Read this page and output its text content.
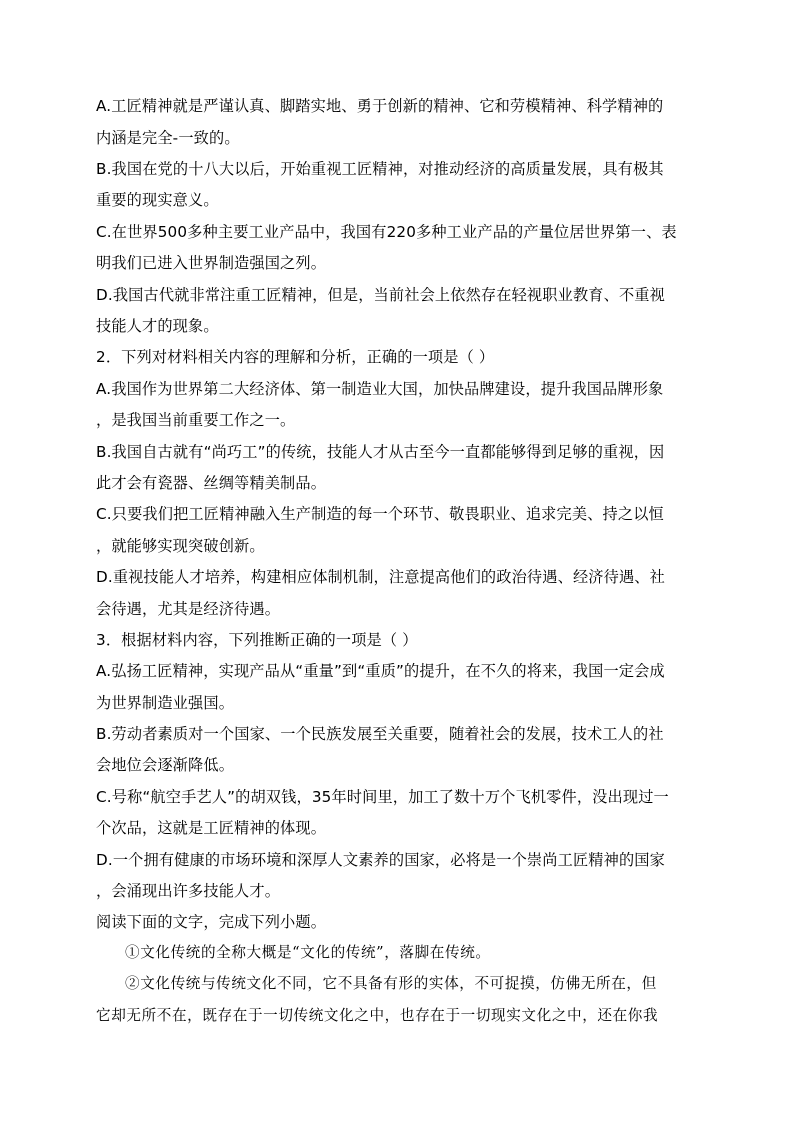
A.工匠精神就是严谨认真、脚踏实地、勇于创新的精神、它和劳模精神、科学精神的
内涵是完全-一致的。
B.我国在党的十八大以后，开始重视工匠精神，对推动经济的高质量发展，具有极其
重要的现实意义。
C.在世界500多种主要工业产品中，我国有220多种工业产品的产量位居世界第一、表
明我们已进入世界制造强国之列。
D.我国古代就非常注重工匠精神，但是，当前社会上依然存在轻视职业教育、不重视
技能人才的现象。
2．下列对材料相关内容的理解和分析，正确的一项是（ ）
A.我国作为世界第二大经济体、第一制造业大国，加快品牌建设，提升我国品牌形象
，是我国当前重要工作之一。
B.我国自古就有“尚巧工”的传统，技能人才从古至今一直都能够得到足够的重视，因
此才会有瓷器、丝绸等精美制品。
C.只要我们把工匠精神融入生产制造的每一个环节、敬畏职业、追求完美、持之以恒
，就能够实现突破创新。
D.重视技能人才培养，构建相应体制机制，注意提高他们的政治待遇、经济待遇、社
会待遇，尤其是经济待遇。
3．根据材料内容，下列推断正确的一项是（ ）
A.弘扬工匠精神，实现产品从“重量”到“重质”的提升，在不久的将来，我国一定会成
为世界制造业强国。
B.劳动者素质对一个国家、一个民族发展至关重要，随着社会的发展，技术工人的社
会地位会逐渐降低。
C.号称“航空手艺人”的胡双钱，35年时间里，加工了数十万个飞机零件，没出现过一
个次品，这就是工匠精神的体现。
D.一个拥有健康的市场环境和深厚人文素养的国家，必将是一个崇尚工匠精神的国家
，会涌现出许多技能人才。
阅读下面的文字，完成下列小题。
①文化传统的全称大概是“文化的传统”，落脚在传统。
②文化传统与传统文化不同，它不具备有形的实体，不可捉摸，仿佛无所在，但
它却无所不在，既存在于一切传统文化之中，也存在于一切现实文化之中，还在你我
